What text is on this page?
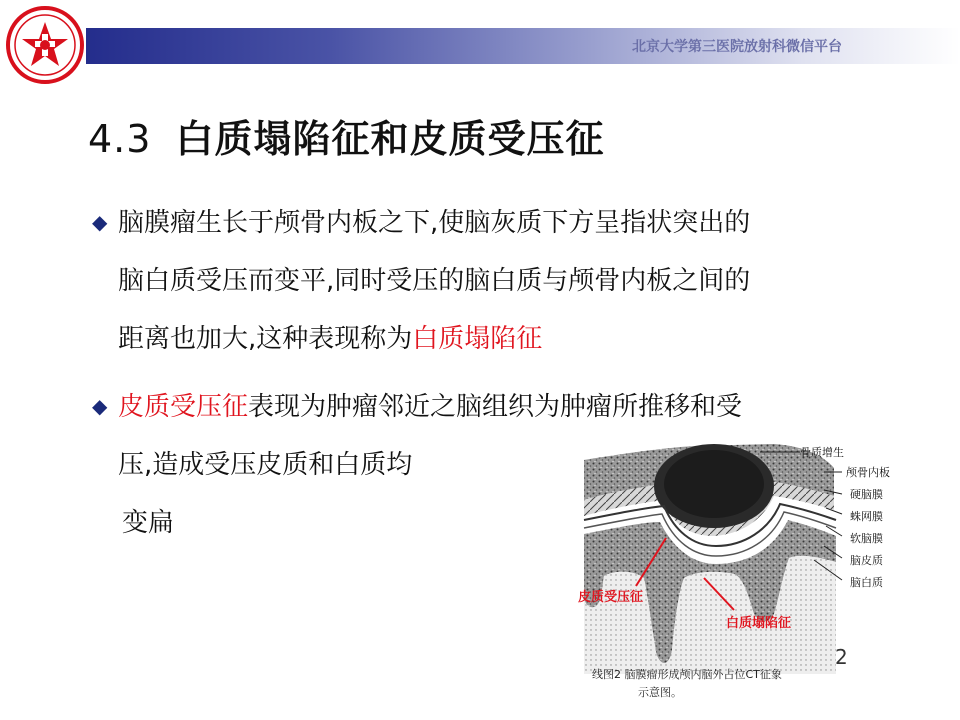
北京大学第三医院放射科微信平台
4.3 白质塌陷征和皮质受压征
◆ 脑膜瘤生长于颅骨内板之下,使脑灰质下方呈指状突出的
脑白质受压而变平,同时受压的脑白质与颅骨内板之间的
距离也加大,这种表现称为白质塌陷征
◆ 皮质受压征表现为肿瘤邻近之脑组织为肿瘤所推移和受
压,造成受压皮质和白质均
变扁
骨质增生
颅骨内板
硬脑膜
蛛网膜
软脑膜
脑皮质
脑白质
皮质受压征
白质塌陷征
线图2 脑膜瘤形成颅内脑外占位CT征象
示意图。
2
